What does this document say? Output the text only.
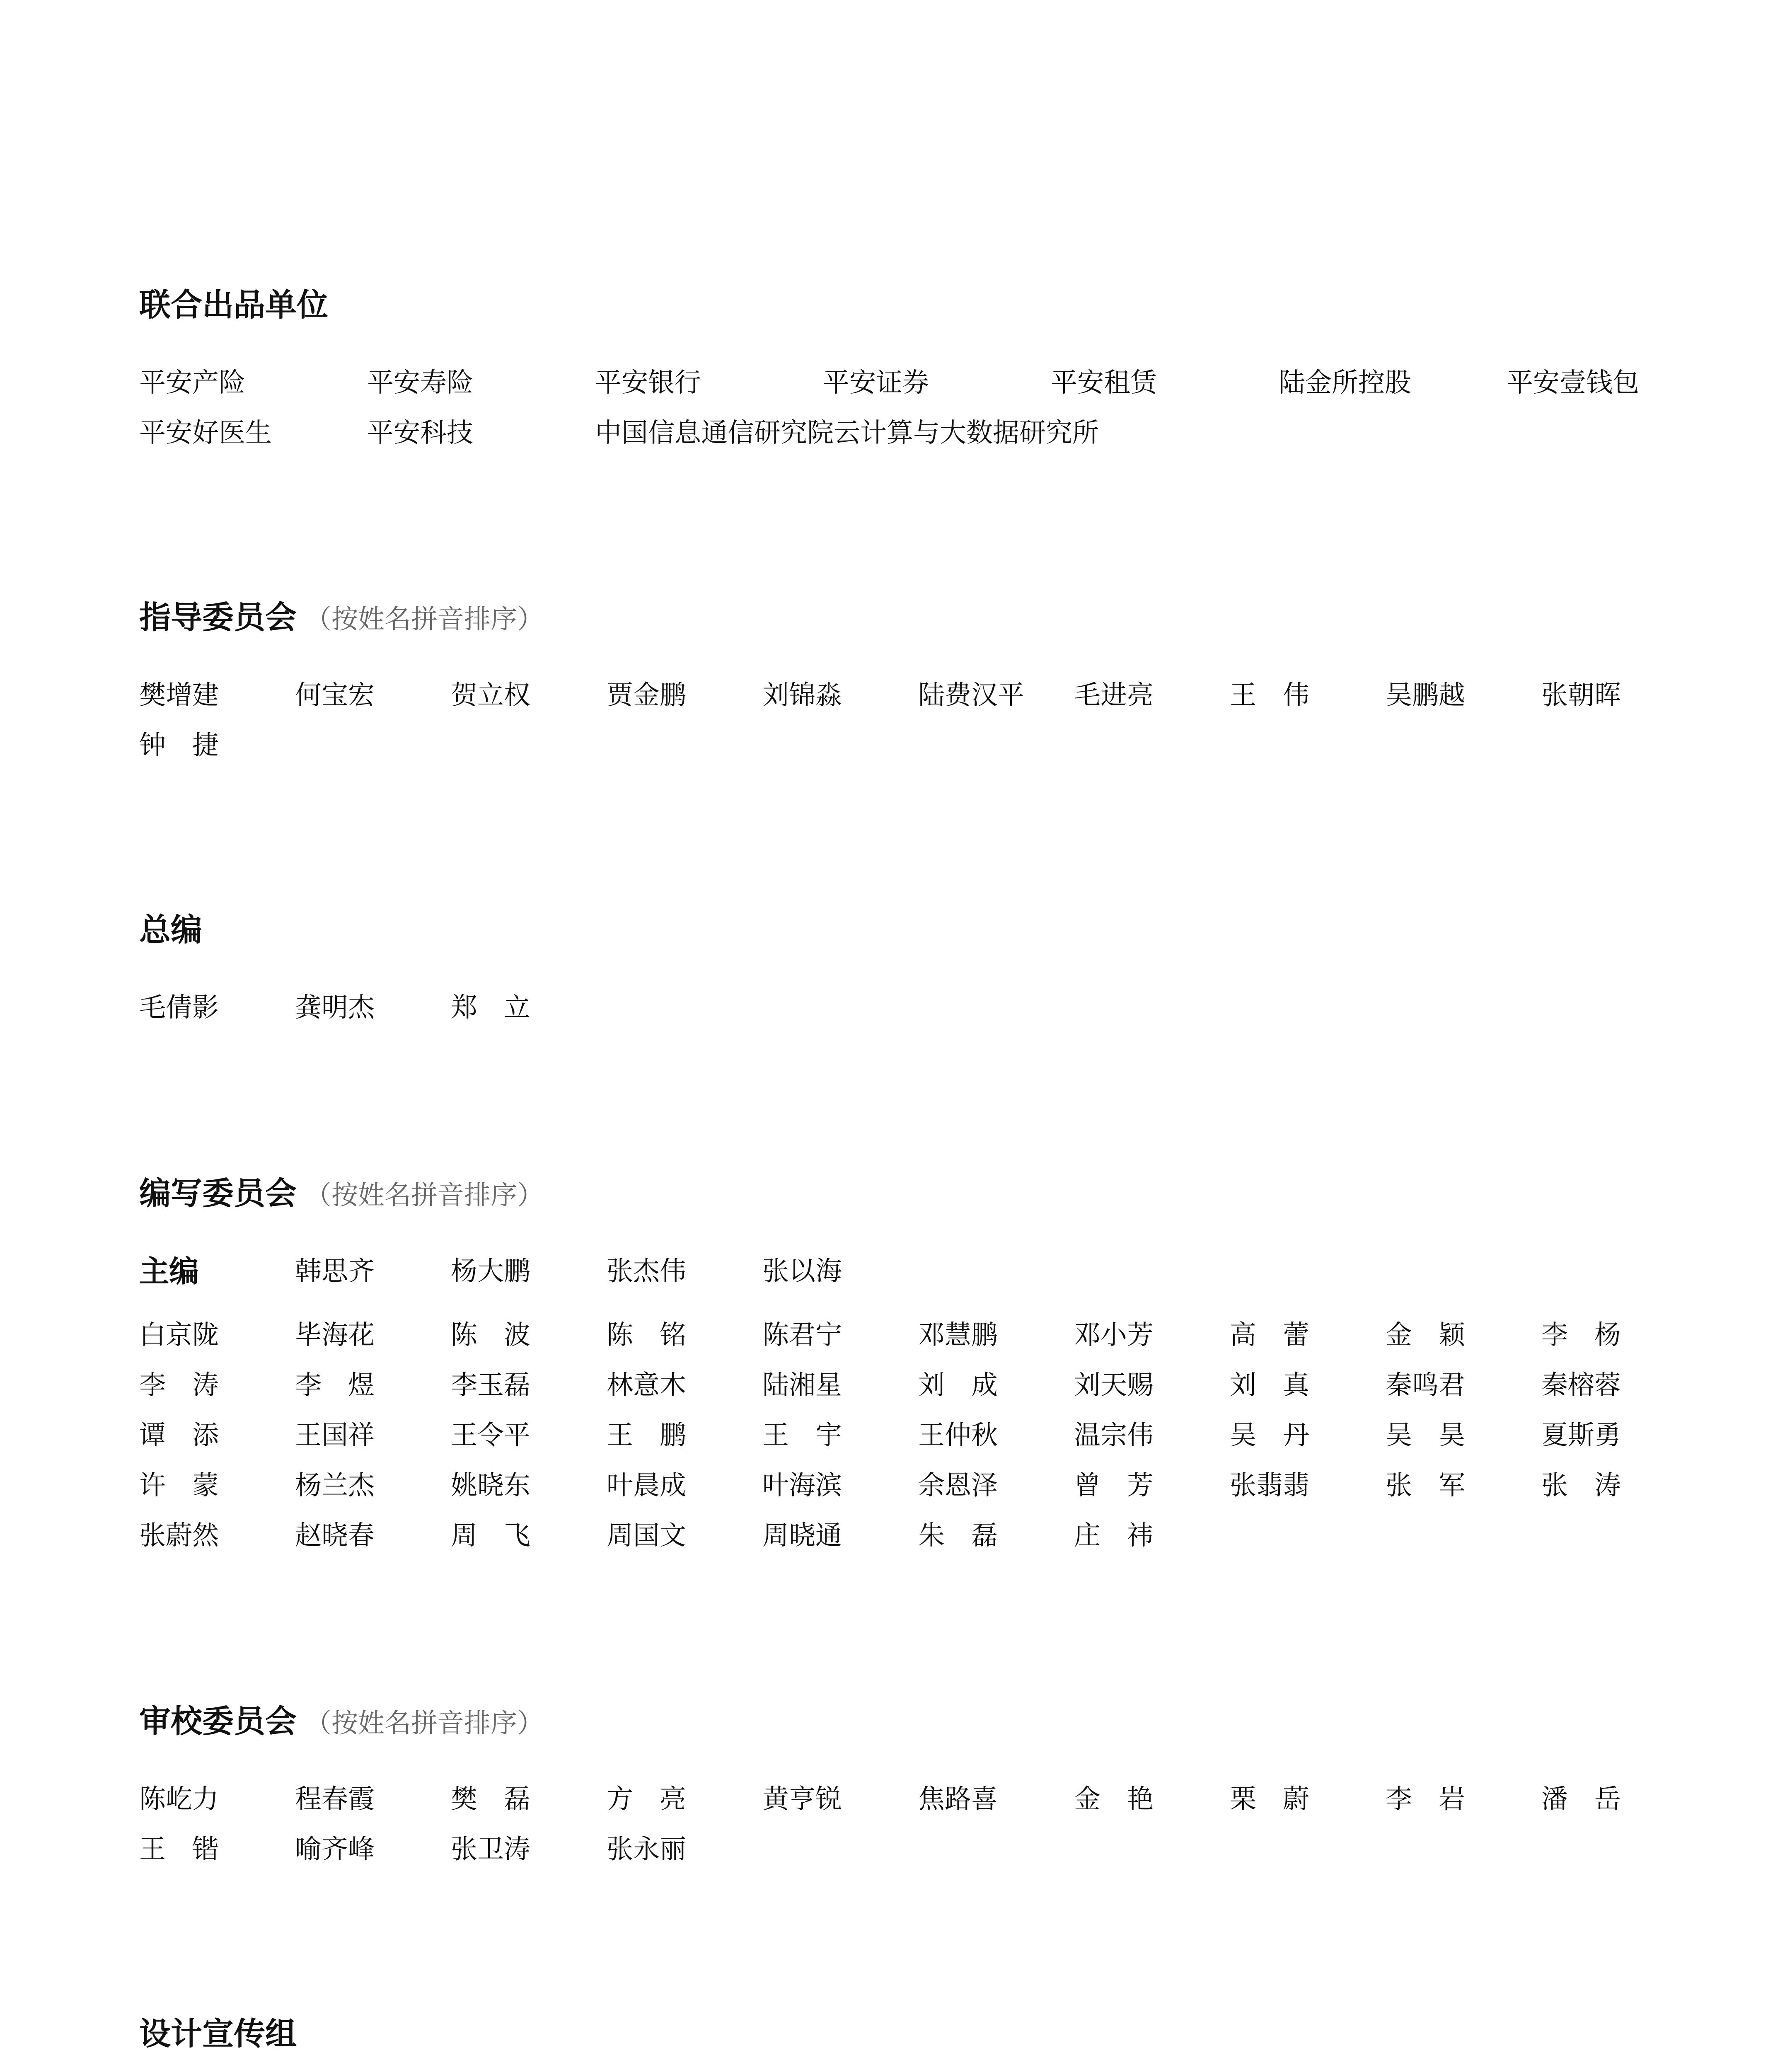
联合出品单位
平安产险	平安寿险	平安银行	平安证券	平安租赁	陆金所控股	平安壹钱包
平安好医生	平安科技	中国信息通信研究院云计算与大数据研究所
指导委员会 （按姓名拼音排序）
樊增建	何宝宏	贺立权	贾金鹏	刘锦淼	陆费汉平	毛进亮	王　伟	吴鹏越	张朝晖
钟　捷
总编
毛倩影	龚明杰	郑　立
编写委员会 （按姓名拼音排序）
主编	韩思齐	杨大鹏	张杰伟	张以海
白京陇	毕海花	陈　波	陈　铭	陈君宁	邓慧鹏	邓小芳	高　蕾	金　颖	李　杨
李　涛	李　煜	李玉磊	林意木	陆湘星	刘　成	刘天赐	刘　真	秦鸣君	秦榕蓉
谭　添	王国祥	王令平	王　鹏	王　宇	王仲秋	温宗伟	吴　丹	吴　昊	夏斯勇
许　蒙	杨兰杰	姚晓东	叶晨成	叶海滨	余恩泽	曾　芳	张翡翡	张　军	张　涛
张蔚然	赵晓春	周　飞	周国文	周晓通	朱　磊	庄　祎
审校委员会 （按姓名拼音排序）
陈屹力	程春霞	樊　磊	方　亮	黄亨锐	焦路喜	金　艳	栗　蔚	李　岩	潘　岳
王　锴	喻齐峰	张卫涛	张永丽
设计宣传组
